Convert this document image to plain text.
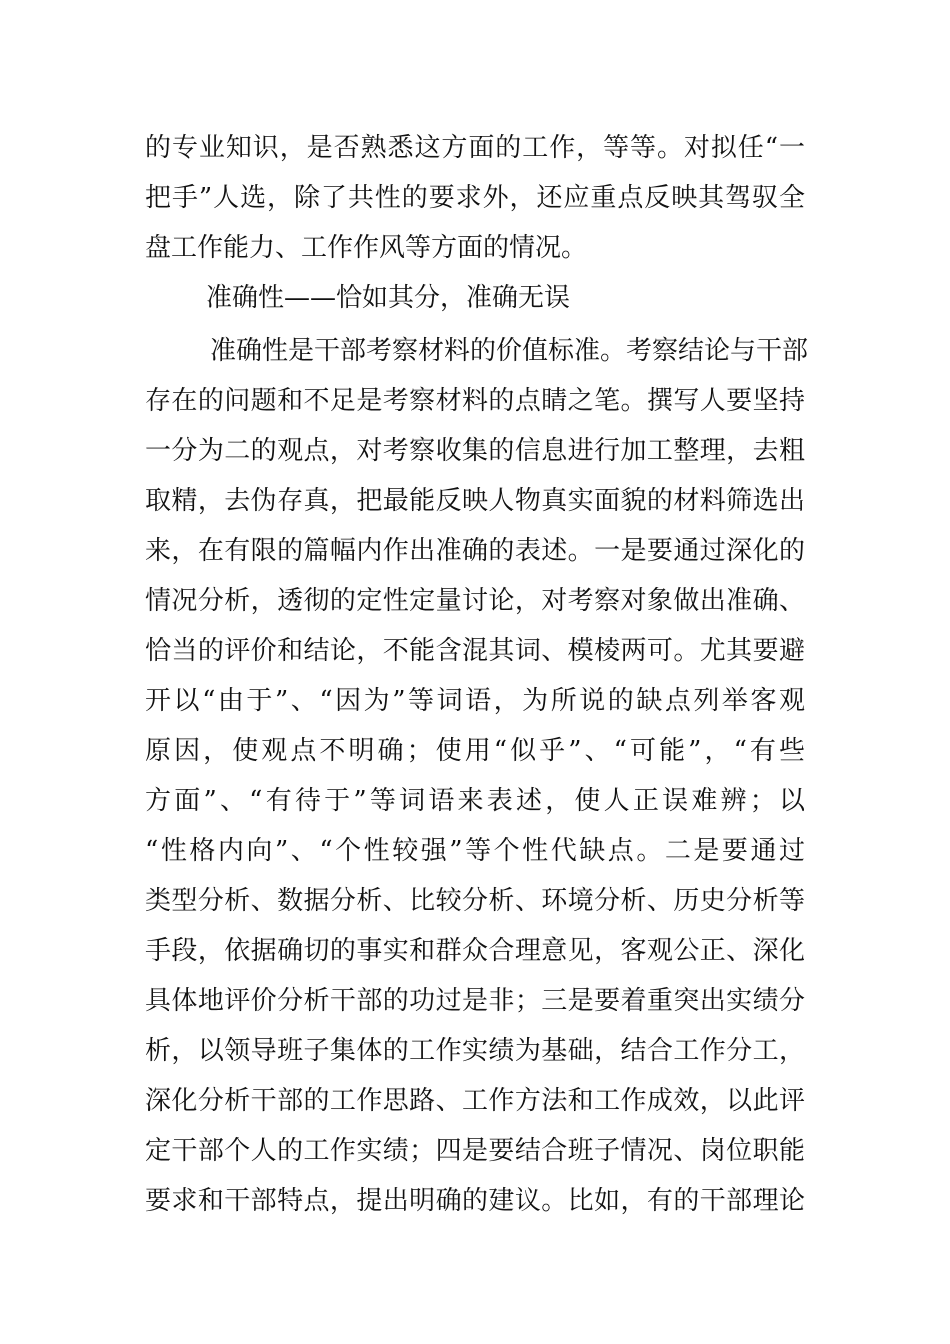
的专业知识，是否熟悉这方面的工作，等等。对拟任“一
把手”人选，除了共性的要求外，还应重点反映其驾驭全
盘工作能力、工作作风等方面的情况。
准确性——恰如其分，准确无误
准确性是干部考察材料的价值标准。考察结论与干部
存在的问题和不足是考察材料的点睛之笔。撰写人要坚持
一分为二的观点，对考察收集的信息进行加工整理，去粗
取精，去伪存真，把最能反映人物真实面貌的材料筛选出
来，在有限的篇幅内作出准确的表述。一是要通过深化的
情况分析，透彻的定性定量讨论，对考察对象做出准确、
恰当的评价和结论，不能含混其词、模棱两可。尤其要避
开以“由于”、“因为”等词语，为所说的缺点列举客观
原因，使观点不明确；使用“似乎”、“可能”，“有些
方面”、“有待于”等词语来表述，使人正误难辨；以
“性格内向”、“个性较强”等个性代缺点。二是要通过
类型分析、数据分析、比较分析、环境分析、历史分析等
手段，依据确切的事实和群众合理意见，客观公正、深化
具体地评价分析干部的功过是非；三是要着重突出实绩分
析，以领导班子集体的工作实绩为基础，结合工作分工，
深化分析干部的工作思路、工作方法和工作成效，以此评
定干部个人的工作实绩；四是要结合班子情况、岗位职能
要求和干部特点，提出明确的建议。比如，有的干部理论
